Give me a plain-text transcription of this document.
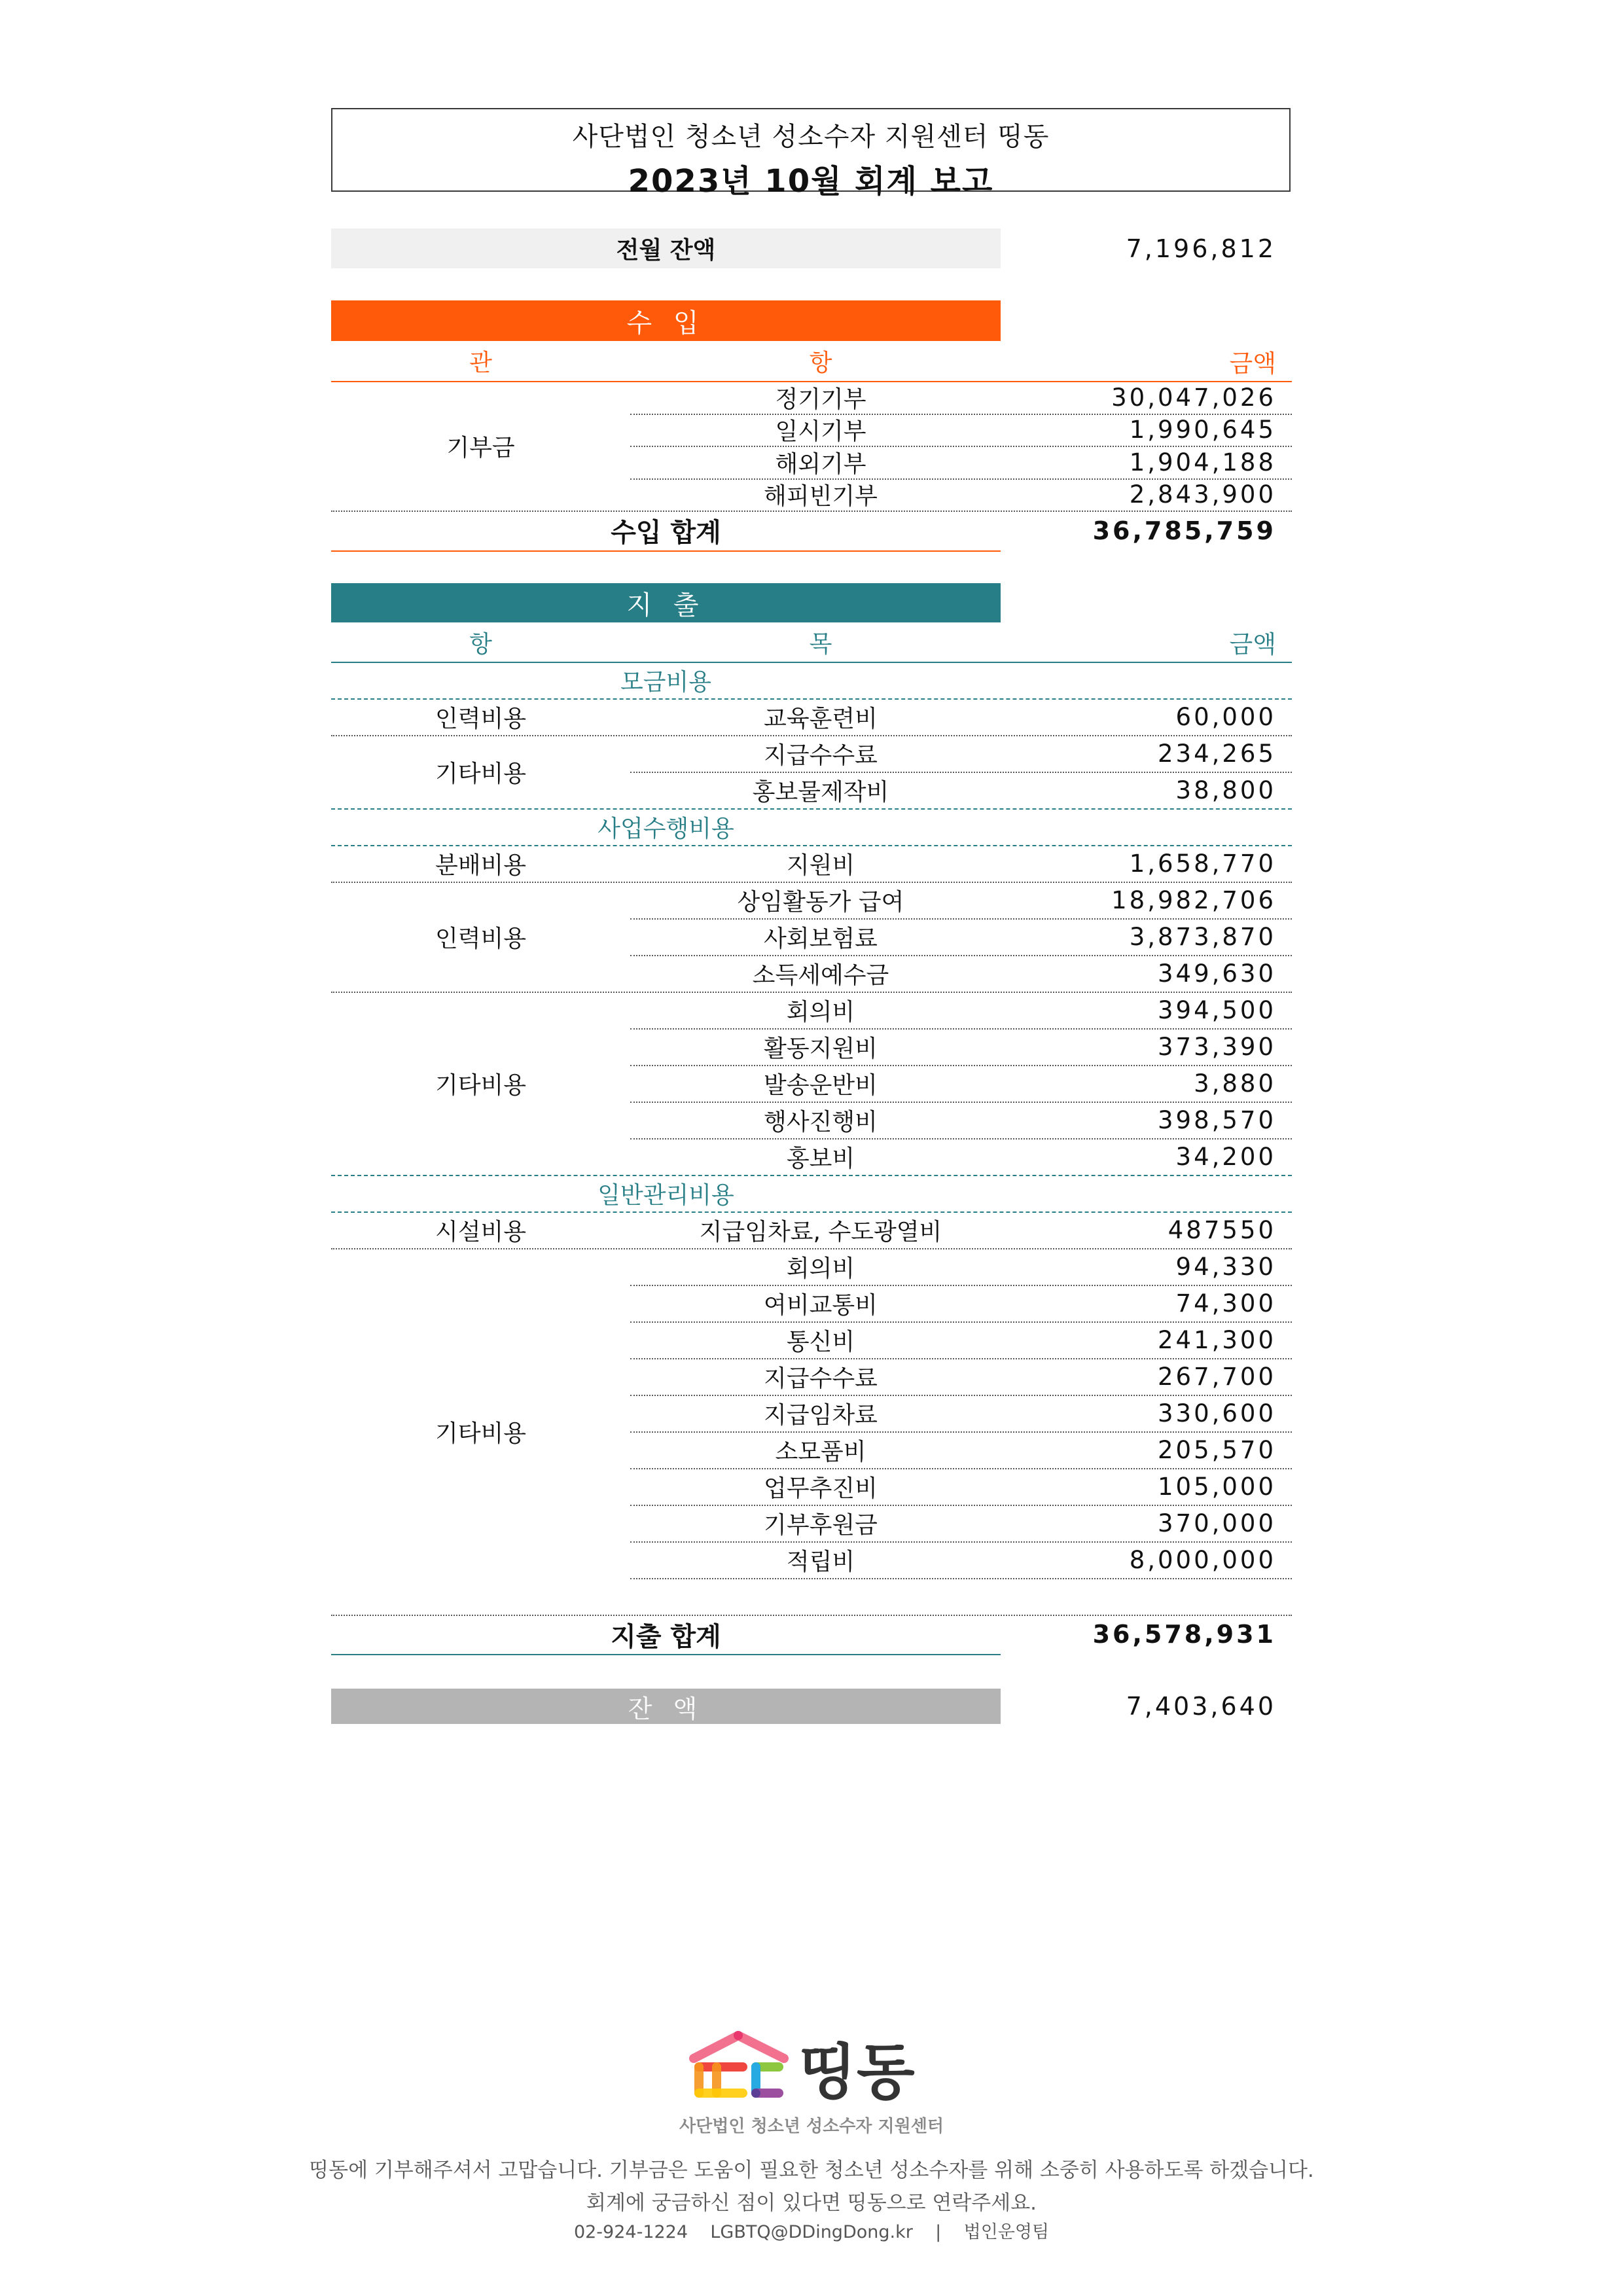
사단법인 청소년 성소수자 지원센터 띵동
2023년 10월 회계 보고
전월 잔액	7,196,812
수 입
관	항	금액
기부금
정기기부	30,047,026
일시기부	1,990,645
해외기부	1,904,188
해피빈기부	2,843,900
수입 합계	36,785,759
지 출
항	목	금액
모금비용
인력비용	교육훈련비	60,000
기타비용
지급수수료	234,265
홍보물제작비	38,800
사업수행비용
분배비용	지원비	1,658,770
인력비용
상임활동가 급여	18,982,706
사회보험료	3,873,870
소득세예수금	349,630
기타비용
회의비	394,500
활동지원비	373,390
발송운반비	3,880
행사진행비	398,570
홍보비	34,200
일반관리비용
시설비용	지급임차료, 수도광열비	487550
기타비용
회의비	94,330
여비교통비	74,300
통신비	241,300
지급수수료	267,700
지급임차료	330,600
소모품비	205,570
업무추진비	105,000
기부후원금	370,000
적립비	8,000,000
지출 합계	36,578,931
잔 액	7,403,640
띵동
사단법인 청소년 성소수자 지원센터
띵동에 기부해주셔서 고맙습니다. 기부금은 도움이 필요한 청소년 성소수자를 위해 소중히 사용하도록 하겠습니다.
회계에 궁금하신 점이 있다면 띵동으로 연락주세요.
02-924-1224 LGBTQ@DDingDong.kr | 법인운영팀
